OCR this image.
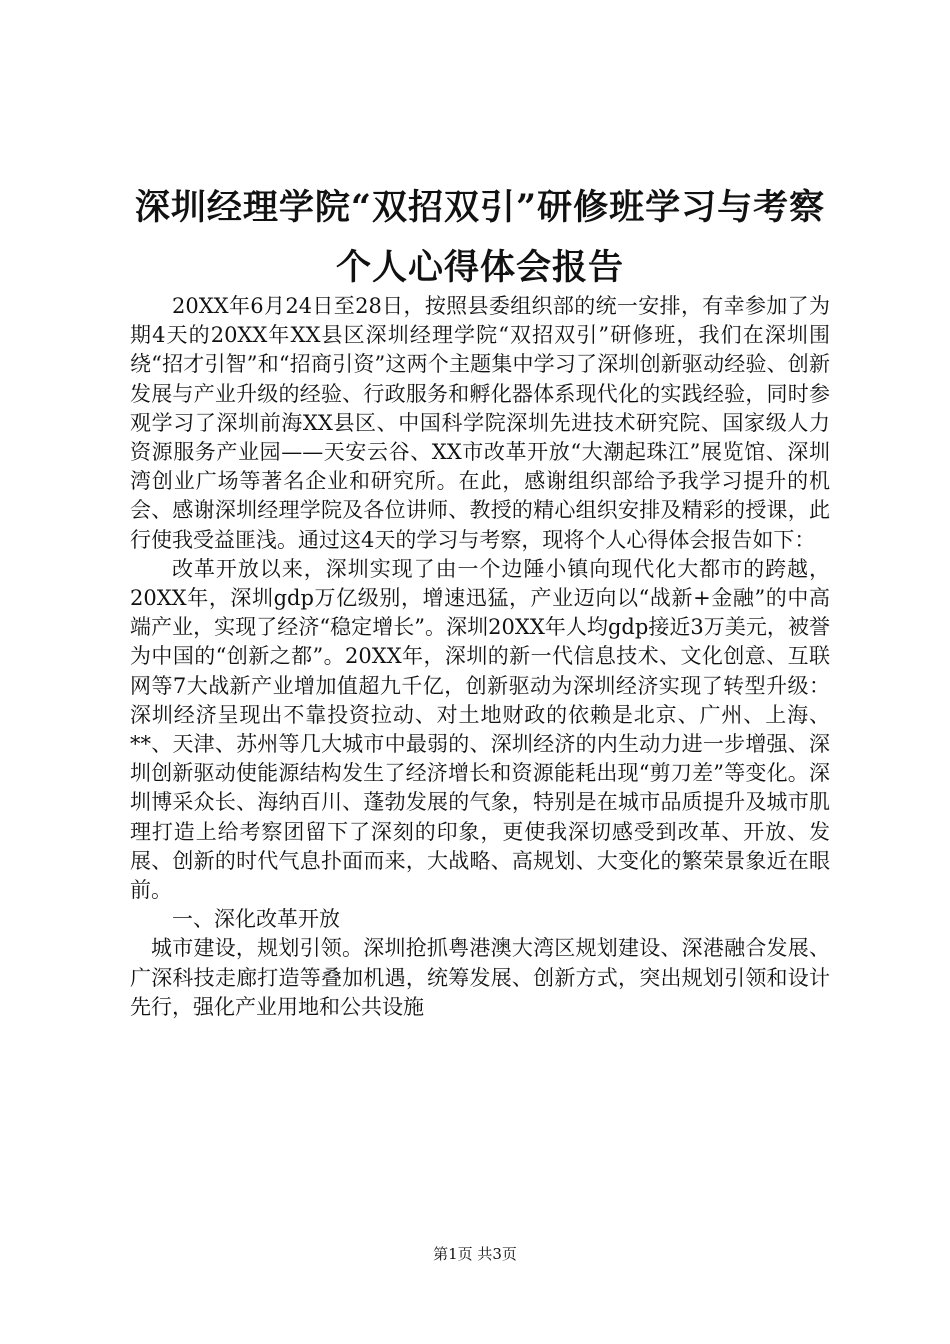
深圳经理学院“双招双引”研修班学习与考察
个人心得体会报告

20XX年6月24日至28日，按照县委组织部的统一安排，有幸参加了为期4天的20XX年XX县区深圳经理学院“双招双引”研修班，我们在深圳围绕“招才引智”和“招商引资”这两个主题集中学习了深圳创新驱动经验、创新发展与产业升级的经验、行政服务和孵化器体系现代化的实践经验，同时参观学习了深圳前海XX县区、中国科学院深圳先进技术研究院、国家级人力资源服务产业园——天安云谷、XX市改革开放“大潮起珠江”展览馆、深圳湾创业广场等著名企业和研究所。在此，感谢组织部给予我学习提升的机会、感谢深圳经理学院及各位讲师、教授的精心组织安排及精彩的授课，此行使我受益匪浅。通过这4天的学习与考察，现将个人心得体会报告如下：

改革开放以来，深圳实现了由一个边陲小镇向现代化大都市的跨越，20XX年，深圳gdp万亿级别，增速迅猛，产业迈向以“战新+金融”的中高端产业，实现了经济“稳定增长”。深圳20XX年人均gdp接近3万美元，被誉为中国的“创新之都”。20XX年，深圳的新一代信息技术、文化创意、互联网等7大战新产业增加值超九千亿，创新驱动为深圳经济实现了转型升级：深圳经济呈现出不靠投资拉动、对土地财政的依赖是北京、广州、上海、**、天津、苏州等几大城市中最弱的、深圳经济的内生动力进一步增强、深圳创新驱动使能源结构发生了经济增长和资源能耗出现“剪刀差”等变化。深圳博采众长、海纳百川、蓬勃发展的气象，特别是在城市品质提升及城市肌理打造上给考察团留下了深刻的印象，更使我深切感受到改革、开放、发展、创新的时代气息扑面而来，大战略、高规划、大变化的繁荣景象近在眼前。

一、深化改革开放

城市建设，规划引领。深圳抢抓粤港澳大湾区规划建设、深港融合发展、广深科技走廊打造等叠加机遇，统筹发展、创新方式，突出规划引领和设计先行，强化产业用地和公共设施

第1页 共3页
